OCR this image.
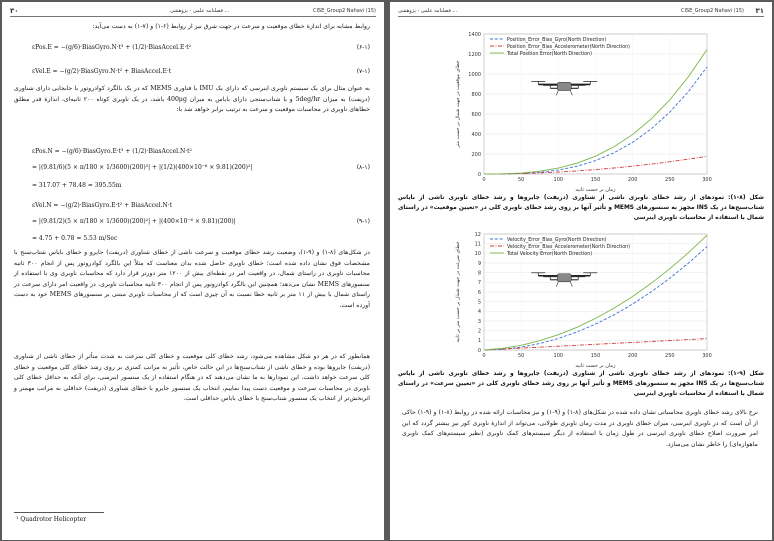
۳۰	فصلنامه علمی - پژوهشی ...	CISE_Group2 Nahavi (15)

روابط مشابه برای اندازهٔ خطای موقعیت و سرعت در جهت شرق نیز از روابط (۶-۱) و (۷-۱) به دست می‌آید:

εPos.E = −(g/6)·BiasGyro.N·t³ + (1/2)·BiasAccel.E·t²	(۶-۱)
εVel.E = −(g/2)·BiasGyro.N·t² + BiasAccel.E·t	(۷-۱)

به عنوان مثال برای یک سیستم ناوبری اینرسی که دارای یک IMU با فناوری MEMS که در یک بالگرد کوادروتور با جابجایی دارای شناوری (دریفت) به میزان 5deg/hr و با شتاب‌سنجی دارای بایاس به میزان 400μg باشد، در یک ناوبری کوتاه ۲۰۰ ثانیه‌ای، اندازهٔ قدر مطلق خطاهای ناوبری در محاسبات موقعیت و سرعت به ترتیب برابر خواهد شد با:

εPos.N = −(g/6)·BiasGyro.E·t³ + (1/2)·BiasAccel.N·t²
= |(9.81/6)(5 × π/180 × 1/3600)(200)³| + |(1/2)(400×10⁻⁶ × 9.81)(200)²|
= 317.07 + 78.48 = 395.55m
(۸-۱)
εVel.N = −(g/2)·BiasGyro.E·t² + BiasAccel.N·t
= |(9.81/2)(5 × π/180 × 1/3600)(200)²| + |(400×10⁻⁶ × 9.81)(200)|
= 4.75 + 0.78 = 5.53 m/Sec
(۹-۱)

در شکل‌های (۸-۱) و (۹-۱)، وضعیت رشد خطای موقعیت و سرعت ناشی از خطای شناوری (دریفت) جایرو و خطای بایاس شتاب‌سنج با مشخصات فوق نشان داده شده است؛ خطای ناوبری حاصل شده بدان معناست که مثلاً این بالگرد کوادروتور پس از انجام ۳۰۰ ثانیه محاسبات ناوبری در راستای شمال، در واقعیت امر در نقطه‌ای بیش از ۱۲۰۰ متر دورتر قرار دارد که محاسبات ناوبری وی با استفاده از سنسورهای MEMS نشان می‌دهد؛ همچنین این بالگرد کوادروتور پس از انجام ۳۰۰ ثانیه محاسبات ناوبری، در واقعیت امر دارای سرعت در راستای شمال با بیش از ۱۱ متر بر ثانیه خطا نسبت به آن چیزی است که از محاسبات ناوبری مبتنی بر سنسورهای MEMS خود به دست آورده است.

همانطور که در هر دو شکل مشاهده می‌شود، رشد خطای کلی موقعیت و خطای کلی سرعت به شدت متأثر از خطای ناشی از شناوری (دریفت) جایروها بوده و خطای ناشی از شتاب‌سنج‌ها در این حالت خاص، تأثیر به مراتب کمتری بر روی رشد خطای کلی موقعیت و خطای کلی سرعت خواهد داشت. این نمودارها به ما نشان می‌دهند که در هنگام استفاده از یک سنسور اینرسی، برای آنکه به حداقل خطای کلی ناوبری در محاسبات سرعت و موقعیت دست پیدا نماییم، انتخاب یک سنسور جایرو با خطای شناوری (دریفت) حداقلی به مراتب مهمتر و اثربخش‌تر از انتخاب یک سنسور شتاب‌سنج با خطای بایاس حداقلی است.

¹ Quadrotor Helicopter
۳۱
CISE_Group2 Nahavi (15)
فصلنامه علمی - پژوهشی ...
0
200
400
600
800
1000
1200
1400
0	50	100	150	200	250	300
زمان بر حسب ثانیه
خطای موقعیت در جهت شمال بر حسب متر
Position_Error_Bias_Gyro(North Direction)
Position_Error_Bias_Accelerometer(North Direction)
Total Position Error(North Direction)

شکل (۸-۱): نمودهای از رشد خطای ناوبری ناشی از شناوری (دریفت) جایروها و رشد خطای ناوبری ناشی از بایاس شتاب‌سنج‌ها در یک INS مجهز به سنسورهای MEMS و تأثیر آنها بر روی رشد خطای ناوبری کلی در «تعیین موقعیت» در راستای شمال با استفاده از محاسبات ناوبری اینرسی

0
1
2
3
4
5
6
7
8
9
10
11
12
0	50	100	150	200	250	300
زمان بر حسب ثانیه
خطای سرعت در جهت شمال بر حسب متر بر ثانیه
Velocity_Error_Bias_Gyro(North Direction)
Velocity_Error_Bias_Accelerometer(North Direction)
Total Velocity Error(North Direction)

شکل (۹-۱): نمودهای از رشد خطای ناوبری ناشی از شناوری (دریفت) جایروها و رشد خطای ناوبری ناشی از بایاس شتاب‌سنج‌ها در یک INS مجهز به سنسورهای MEMS و تأثیر آنها بر روی رشد خطای ناوبری کلی در «تعیین سرعت» در راستای شمال با استفاده از محاسبات ناوبری اینرسی

نرخ بالای رشد خطای ناوبری محاسباتی نشان داده شده در شکل‌های (۸-۱) و (۹-۱) و نیز محاسبات ارائه شده در روابط (۸-۱) و (۹-۱) حاکی از آن است که در ناوبری اینرسی، میزان خطای ناوبری در مدت زمان ناوبری طولانی، می‌تواند از اندازهٔ ناوبری کور نیز بیشتر گردد که این امر ضرورت اصلاح خطای ناوبری اینرسی در طول زمان با استفاده از دیگر سیستم‌های کمک ناوبری (نظیر سیستم‌های کمک ناوبری ماهواره‌ای) را خاطر نشان می‌سازد.
